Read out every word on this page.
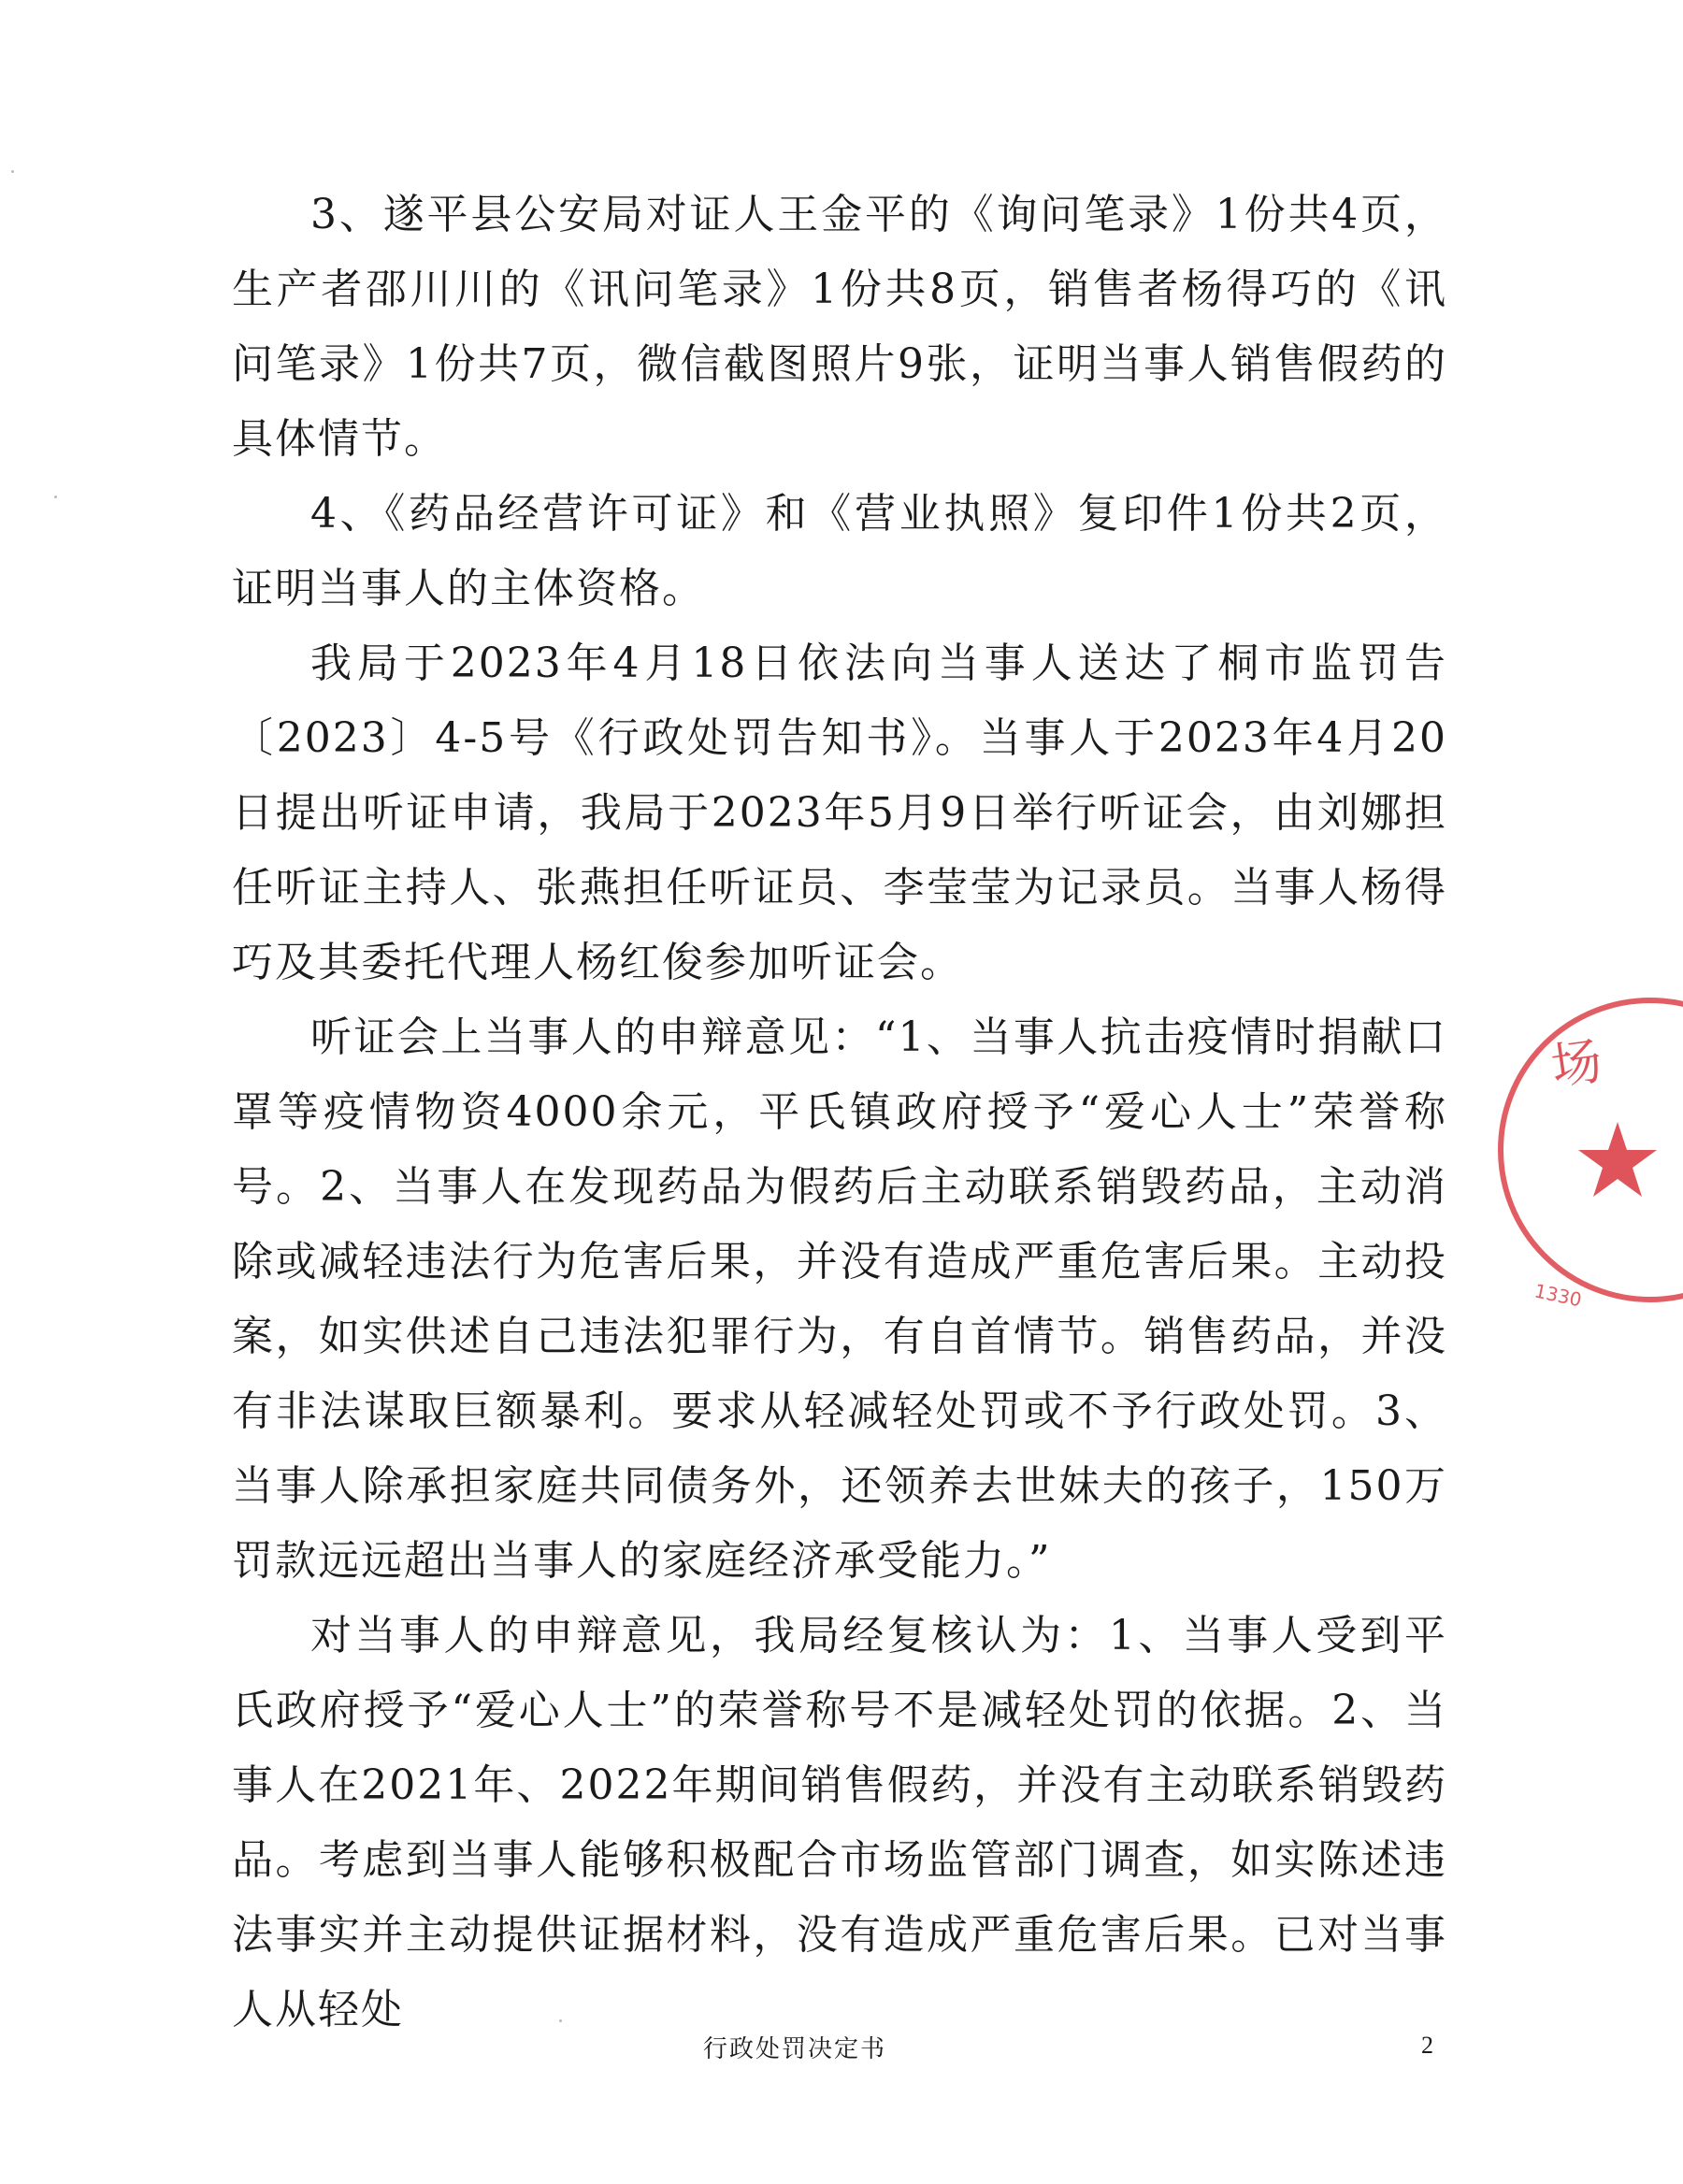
3、遂平县公安局对证人王金平的《询问笔录》1份共4页，生产者邵川川的《讯问笔录》1份共8页，销售者杨得巧的《讯问笔录》1份共7页，微信截图照片9张，证明当事人销售假药的具体情节。

4、《药品经营许可证》和《营业执照》复印件1份共2页，证明当事人的主体资格。

我局于2023年4月18日依法向当事人送达了桐市监罚告〔2023〕4-5号《行政处罚告知书》。当事人于2023年4月20日提出听证申请，我局于2023年5月9日举行听证会，由刘娜担任听证主持人、张燕担任听证员、李莹莹为记录员。当事人杨得巧及其委托代理人杨红俊参加听证会。

听证会上当事人的申辩意见：“1、当事人抗击疫情时捐献口罩等疫情物资4000余元，平氏镇政府授予“爱心人士”荣誉称号。2、当事人在发现药品为假药后主动联系销毁药品，主动消除或减轻违法行为危害后果，并没有造成严重危害后果。主动投案，如实供述自己违法犯罪行为，有自首情节。销售药品，并没有非法谋取巨额暴利。要求从轻减轻处罚或不予行政处罚。3、当事人除承担家庭共同债务外，还领养去世妹夫的孩子，150万罚款远远超出当事人的家庭经济承受能力。”

对当事人的申辩意见，我局经复核认为：1、当事人受到平氏政府授予“爱心人士”的荣誉称号不是减轻处罚的依据。2、当事人在2021年、2022年期间销售假药，并没有主动联系销毁药品。考虑到当事人能够积极配合市场监管部门调查，如实陈述违法事实并主动提供证据材料，没有造成严重危害后果。已对当事人从轻处

场
1330
行政处罚决定书	2
